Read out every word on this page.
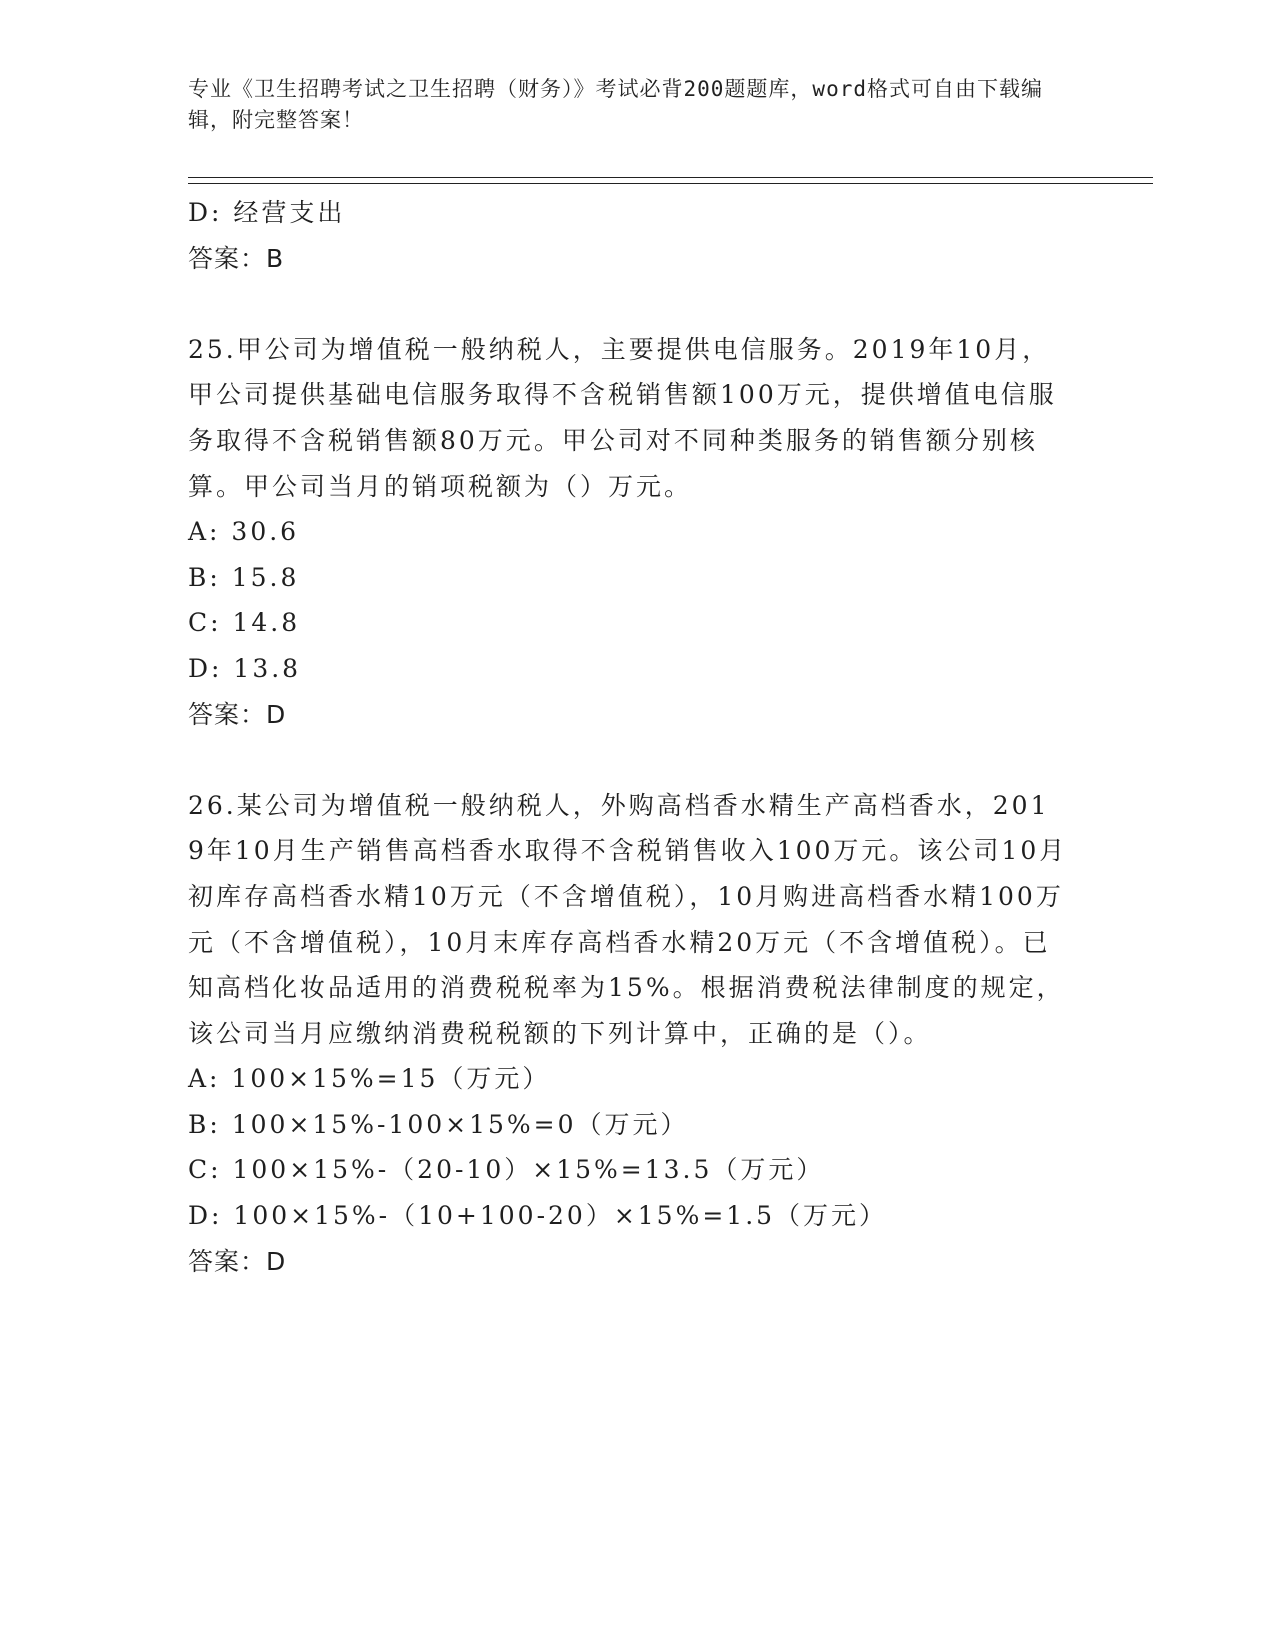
专业《卫生招聘考试之卫生招聘（财务）》考试必背200题题库，word格式可自由下载编辑，附完整答案！
D: 经营支出
答案：B
25.甲公司为增值税一般纳税人，主要提供电信服务。2019年10月，甲公司提供基础电信服务取得不含税销售额100万元，提供增值电信服务取得不含税销售额80万元。甲公司对不同种类服务的销售额分别核算。甲公司当月的销项税额为（）万元。
A: 30.6
B: 15.8
C: 14.8
D: 13.8
答案：D
26.某公司为增值税一般纳税人，外购高档香水精生产高档香水，2019年10月生产销售高档香水取得不含税销售收入100万元。该公司10月初库存高档香水精10万元（不含增值税），10月购进高档香水精100万元（不含增值税），10月末库存高档香水精20万元（不含增值税）。已知高档化妆品适用的消费税税率为15%。根据消费税法律制度的规定，该公司当月应缴纳消费税税额的下列计算中，正确的是（）。
A: 100×15%=15（万元）
B: 100×15%-100×15%=0（万元）
C: 100×15%-（20-10）×15%=13.5（万元）
D: 100×15%-（10+100-20）×15%=1.5（万元）
答案：D
